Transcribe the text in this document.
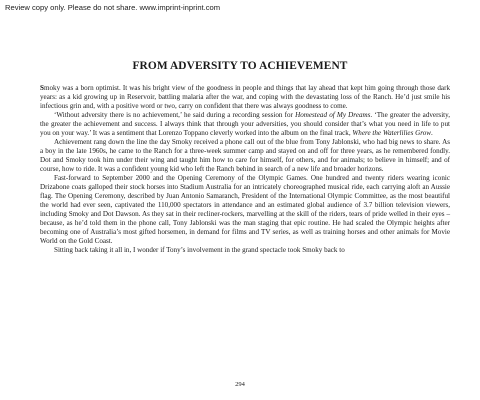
Review copy only. Please do not share. www.imprint-inprint.com
FROM ADVERSITY TO ACHIEVEMENT

Smoky was a born optimist. It was his bright view of the goodness in people and things that lay ahead that kept him going through those dark years: as a kid growing up in Reservoir, battling malaria after the war, and coping with the devastating loss of the Ranch. He’d just smile his infectious grin and, with a positive word or two, carry on confident that there was always goodness to come.

‘Without adversity there is no achievement,’ he said during a recording session for Homestead of My Dreams. ‘The greater the adversity, the greater the achievement and success. I always think that through your adversities, you should consider that’s what you need in life to put you on your way.’ It was a sentiment that Lorenzo Toppano cleverly worked into the album on the final track, Where the Waterlilies Grow.

Achievement rang down the line the day Smoky received a phone call out of the blue from Tony Jablonski, who had big news to share. As a boy in the late 1960s, he came to the Ranch for a three-week summer camp and stayed on and off for three years, as he remembered fondly. Dot and Smoky took him under their wing and taught him how to care for himself, for others, and for animals; to believe in himself; and of course, how to ride. It was a confident young kid who left the Ranch behind in search of a new life and broader horizons.

Fast-forward to September 2000 and the Opening Ceremony of the Olympic Games. One hundred and twenty riders wearing iconic Drizabone coats galloped their stock horses into Stadium Australia for an intricately choreographed musical ride, each carrying aloft an Aussie flag. The Opening Ceremony, described by Juan Antonio Samaranch, President of the International Olympic Committee, as the most beautiful the world had ever seen, captivated the 110,000 spectators in attendance and an estimated global audience of 3.7 billion television viewers, including Smoky and Dot Dawson. As they sat in their recliner-rockers, marvelling at the skill of the riders, tears of pride welled in their eyes – because, as he’d told them in the phone call, Tony Jablonski was the man staging that epic routine. He had scaled the Olympic heights after becoming one of Australia’s most gifted horsemen, in demand for films and TV series, as well as training horses and other animals for Movie World on the Gold Coast.

Sitting back taking it all in, I wonder if Tony’s involvement in the grand spectacle took Smoky back to

294
